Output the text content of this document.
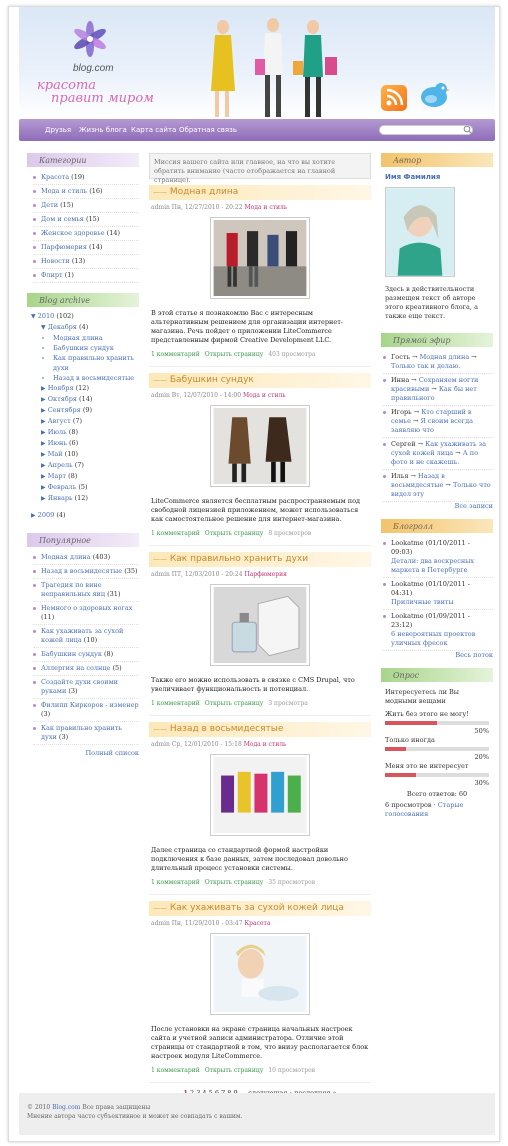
blog.com
красота
правит миром
Друзья Жизнь блога Карта сайта Обратная связь
Категории
Красота (19)
Мода и стиль (16)
Дети (15)
Дом и семья (15)
Женское здоровье (14)
Парфюмерия (14)
Новости (13)
Флирт (1)
Blog archive
▼ 2010 (102)
▼ Декабря (4)
• Модная длина
• Бабушкин сундук
• Как правильно хранить духи
• Назад в восьмидесятые
▶ Ноября (12)
▶ Октября (14)
▶ Сентября (9)
▶ Август (7)
▶ Июль (8)
▶ Июнь (6)
▶ Май (10)
▶ Апрель (7)
▶ Март (8)
▶ Февраль (5)
▶ Январь (12)
▶ 2009 (4)
Популярное
Модная длина (403)
Назад в восьмидесятые (35)
Трагедия по вине неправильных яиц (31)
Немного о здоровых ногах (11)
Как ухаживать за сухой кожей лица (10)
Бабушкин сундук (8)
Аллергия на солнце (5)
Создайте духи своими руками (3)
Филипп Киркоров - изменер (3)
Как правильно хранить духи (3)
Полный список
Миссия вашего сайта или главное, на что вы хотите обратить внимание (часто отображается на главной странице).
—— Модная длина
admin Пн, 12/27/2010 - 20:22 Мода и стиль
В этой статье я познакомлю Вас с интересным альтернативным решением для организации интернет-магазина. Речь пойдет о приложении LiteCommerce представленным фирмой Creative Development LLC.
1 комментарий Открыть страницу 403 просмотра
—— Бабушкин сундук
admin Вт, 12/07/2010 - 14:00 Мода и стиль
LiteCommerce является бесплатным распространяемым под свободной лицензией приложением, может использоваться как самостоятельное решение для интернет-магазина.
1 комментарий Открыть страницу 8 просмотров
—— Как правильно хранить духи
admin ПТ, 12/03/2010 - 20:24 Парфюмерия
Также его можно использовать в связке с CMS Drupal, что увеличивает функциональность и потенциал.
1 комментарий Открыть страницу 3 просмотра
—— Назад в восьмидесятые
admin Ср, 12/01/2010 - 15:18 Мода и стиль
Далее страница со стандартной формой настройки подключения к базе данных, затем последовал довольно длительный процесс установки системы.
1 комментарий Открыть страницу 35 просмотров
—— Как ухаживать за сухой кожей лица
admin Пн, 11/29/2010 - 03:47 Красота
После установки на экране страница начальных настроек сайта и учетной записи администратора. Отличие этой страницы от стандартной в том, что внизу располагается блок настроек модуля LiteCommerce.
1 комментарий Открыть страницу 10 просмотров
Автор
Имя Фамилия
Здесь в действительности размещен текст об авторе этого креативного блога, а также еще текст.
Прямой эфир
Гость → Модная длина → Только так и делаю.
Инна → Сохраняем ногти красивыми → Как бы нет правильного
Игорь → Кто старший в семье → Я своим всегда заявляю что
Сергей → Как ухаживать за сухой кожей лица → А по фото и не скажешь.
Илья → Назад в восьмидесятые → Только что видел эту
Все записи
Блогролл
Lookatme (01/10/2011 - 09:03)
Детали: два воскресных маркета в Петербурге
Lookatme (01/10/2011 - 04:31)
Приличные твиты
Lookatme (01/09/2011 - 23:12)
6 невероятных проектов уличных фресок
Весь поток
Опрос
Интересуетесь ли Вы модными вещами
Жить без этого не могу!
50%
Только иногда
20%
Меня это не интересует
30%
Всего ответов: 60
6 просмотров · Старые голосования
© 2010 Blog.com Все права защищены
Мнение автора часто субъективное и может не совпадать с вашим.
